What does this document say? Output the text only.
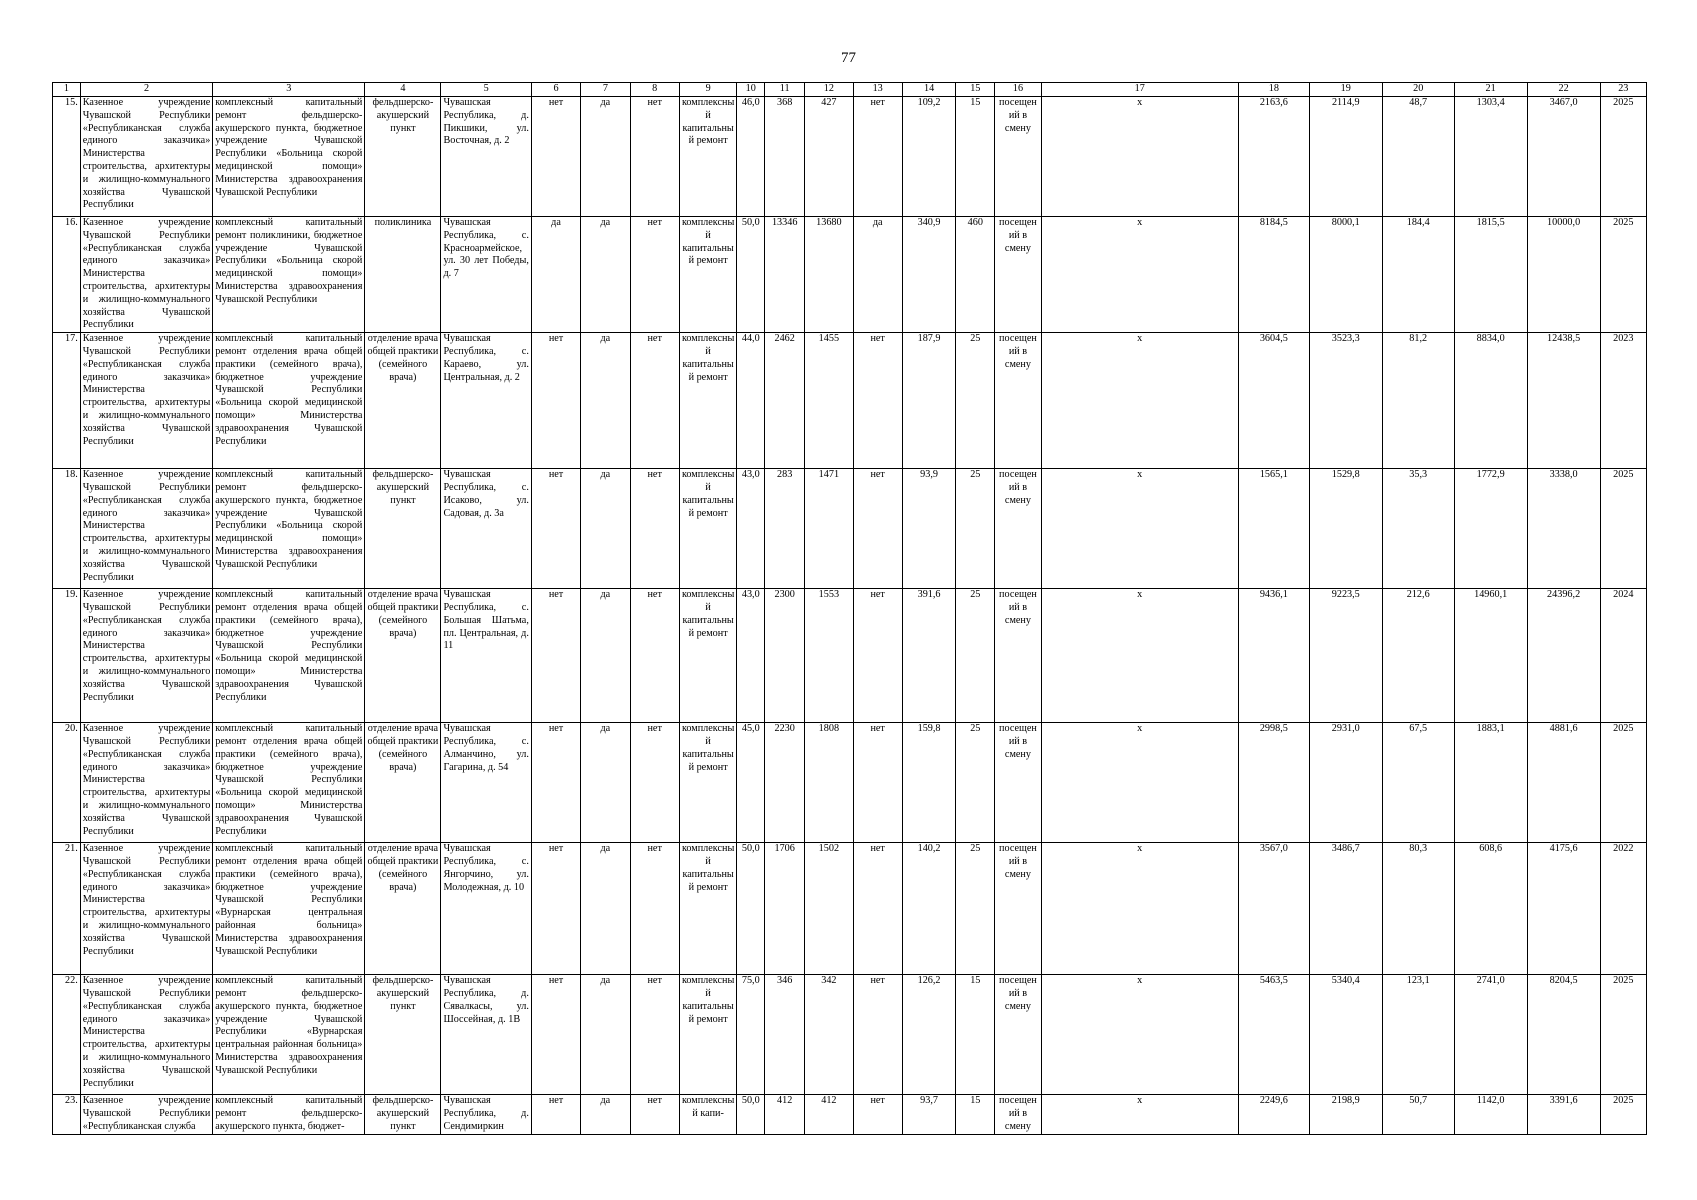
77
1	2	3	4	5	6	7	8	9	10	11	12	13	14	15	16	17	18	19	20	21	22	23
15.	Казенное учреждение Чувашской Республики «Республиканская служба единого заказчика» Министерства строительства, архитектуры и жилищно-коммунального хозяйства Чувашской Республики	комплексный капитальный ремонт фельдшерско-акушерского пункта, бюджетное учреждение Чувашской Республики «Больница скорой медицинской помощи» Министерства здравоохранения Чувашской Республики	фельдшерско-акушерский пункт	Чувашская Республика, д. Пикшики, ул. Восточная, д. 2	нет	да	нет	комплексный капитальный ремонт	46,0	368	427	нет	109,2	15	посещений в смену	х	2163,6	2114,9	48,7	1303,4	3467,0	2025
16.	Казенное учреждение Чувашской Республики «Республиканская служба единого заказчика» Министерства строительства, архитектуры и жилищно-коммунального хозяйства Чувашской Республики	комплексный капитальный ремонт поликлиники, бюджетное учреждение Чувашской Республики «Больница скорой медицинской помощи» Министерства здравоохранения Чувашской Республики	поликлиника	Чувашская Республика, с. Красноармейское, ул. 30 лет Победы, д. 7	да	да	нет	комплексный капитальный ремонт	50,0	13346	13680	да	340,9	460	посещений в смену	х	8184,5	8000,1	184,4	1815,5	10000,0	2025
17.	Казенное учреждение Чувашской Республики «Республиканская служба единого заказчика» Министерства строительства, архитектуры и жилищно-коммунального хозяйства Чувашской Республики	комплексный капитальный ремонт отделения врача общей практики (семейного врача), бюджетное учреждение Чувашской Республики «Больница скорой медицинской помощи» Министерства здравоохранения Чувашской Республики	отделение врача общей практики (семейного врача)	Чувашская Республика, с. Караево, ул. Центральная, д. 2	нет	да	нет	комплексный капитальный ремонт	44,0	2462	1455	нет	187,9	25	посещений в смену	х	3604,5	3523,3	81,2	8834,0	12438,5	2023
18.	Казенное учреждение Чувашской Республики «Республиканская служба единого заказчика» Министерства строительства, архитектуры и жилищно-коммунального хозяйства Чувашской Республики	комплексный капитальный ремонт фельдшерско-акушерского пункта, бюджетное учреждение Чувашской Республики «Больница скорой медицинской помощи» Министерства здравоохранения Чувашской Республики	фельдшерско-акушерский пункт	Чувашская Республика, с. Исаково, ул. Садовая, д. 3а	нет	да	нет	комплексный капитальный ремонт	43,0	283	1471	нет	93,9	25	посещений в смену	х	1565,1	1529,8	35,3	1772,9	3338,0	2025
19.	Казенное учреждение Чувашской Республики «Республиканская служба единого заказчика» Министерства строительства, архитектуры и жилищно-коммунального хозяйства Чувашской Республики	комплексный капитальный ремонт отделения врача общей практики (семейного врача), бюджетное учреждение Чувашской Республики «Больница скорой медицинской помощи» Министерства здравоохранения Чувашской Республики	отделение врача общей практики (семейного врача)	Чувашская Республика, с. Большая Шатьма, пл. Центральная, д. 11	нет	да	нет	комплексный капитальный ремонт	43,0	2300	1553	нет	391,6	25	посещений в смену	х	9436,1	9223,5	212,6	14960,1	24396,2	2024
20.	Казенное учреждение Чувашской Республики «Республиканская служба единого заказчика» Министерства строительства, архитектуры и жилищно-коммунального хозяйства Чувашской Республики	комплексный капитальный ремонт отделения врача общей практики (семейного врача), бюджетное учреждение Чувашской Республики «Больница скорой медицинской помощи» Министерства здравоохранения Чувашской Республики	отделение врача общей практики (семейного врача)	Чувашская Республика, с. Алманчино, ул. Гагарина, д. 54	нет	да	нет	комплексный капитальный ремонт	45,0	2230	1808	нет	159,8	25	посещений в смену	х	2998,5	2931,0	67,5	1883,1	4881,6	2025
21.	Казенное учреждение Чувашской Республики «Республиканская служба единого заказчика» Министерства строительства, архитектуры и жилищно-коммунального хозяйства Чувашской Республики	комплексный капитальный ремонт отделения врача общей практики (семейного врача), бюджетное учреждение Чувашской Республики «Вурнарская центральная районная больница» Министерства здравоохранения Чувашской Республики	отделение врача общей практики (семейного врача)	Чувашская Республика, с. Янгорчино, ул. Молодежная, д. 10	нет	да	нет	комплексный капитальный ремонт	50,0	1706	1502	нет	140,2	25	посещений в смену	х	3567,0	3486,7	80,3	608,6	4175,6	2022
22.	Казенное учреждение Чувашской Республики «Республиканская служба единого заказчика» Министерства строительства, архитектуры и жилищно-коммунального хозяйства Чувашской Республики	комплексный капитальный ремонт фельдшерско-акушерского пункта, бюджетное учреждение Чувашской Республики «Вурнарская центральная районная больница» Министерства здравоохранения Чувашской Республики	фельдшерско-акушерский пункт	Чувашская Республика, д. Сявалкасы, ул. Шоссейная, д. 1В	нет	да	нет	комплексный капитальный ремонт	75,0	346	342	нет	126,2	15	посещений в смену	х	5463,5	5340,4	123,1	2741,0	8204,5	2025
23.	Казенное учреждение Чувашской Республики «Республиканская служба	комплексный капитальный ремонт фельдшерско-акушерского пункта, бюджет-	фельдшерско-акушерский пункт	Чувашская Республика, д. Сендимиркин	нет	да	нет	комплексный капи-	50,0	412	412	нет	93,7	15	посещений в смену	х	2249,6	2198,9	50,7	1142,0	3391,6	2025
